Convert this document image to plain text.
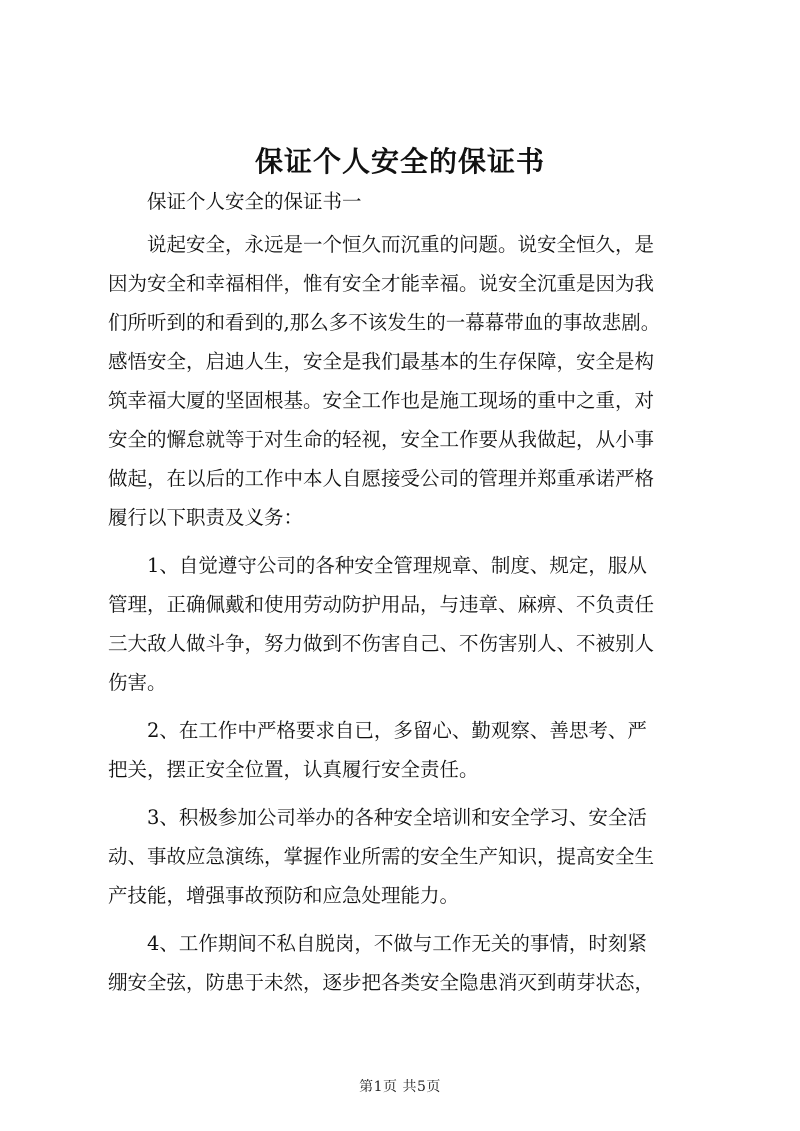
保证个人安全的保证书
保证个人安全的保证书一
说起安全，永远是一个恒久而沉重的问题。说安全恒久，是
因为安全和幸福相伴，惟有安全才能幸福。说安全沉重是因为我
们所听到的和看到的,那么多不该发生的一幕幕带血的事故悲剧。
感悟安全，启迪人生，安全是我们最基本的生存保障，安全是构
筑幸福大厦的坚固根基。安全工作也是施工现场的重中之重，对
安全的懈怠就等于对生命的轻视，安全工作要从我做起，从小事
做起，在以后的工作中本人自愿接受公司的管理并郑重承诺严格
履行以下职责及义务：
1、自觉遵守公司的各种安全管理规章、制度、规定，服从
管理，正确佩戴和使用劳动防护用品，与违章、麻痹、不负责任
三大敌人做斗争，努力做到不伤害自己、不伤害别人、不被别人
伤害。
2、在工作中严格要求自已，多留心、勤观察、善思考、严
把关，摆正安全位置，认真履行安全责任。
3、积极参加公司举办的各种安全培训和安全学习、安全活
动、事故应急演练，掌握作业所需的安全生产知识，提高安全生
产技能，增强事故预防和应急处理能力。
4、工作期间不私自脱岗，不做与工作无关的事情，时刻紧
绷安全弦，防患于未然，逐步把各类安全隐患消灭到萌芽状态，
第1页 共5页
